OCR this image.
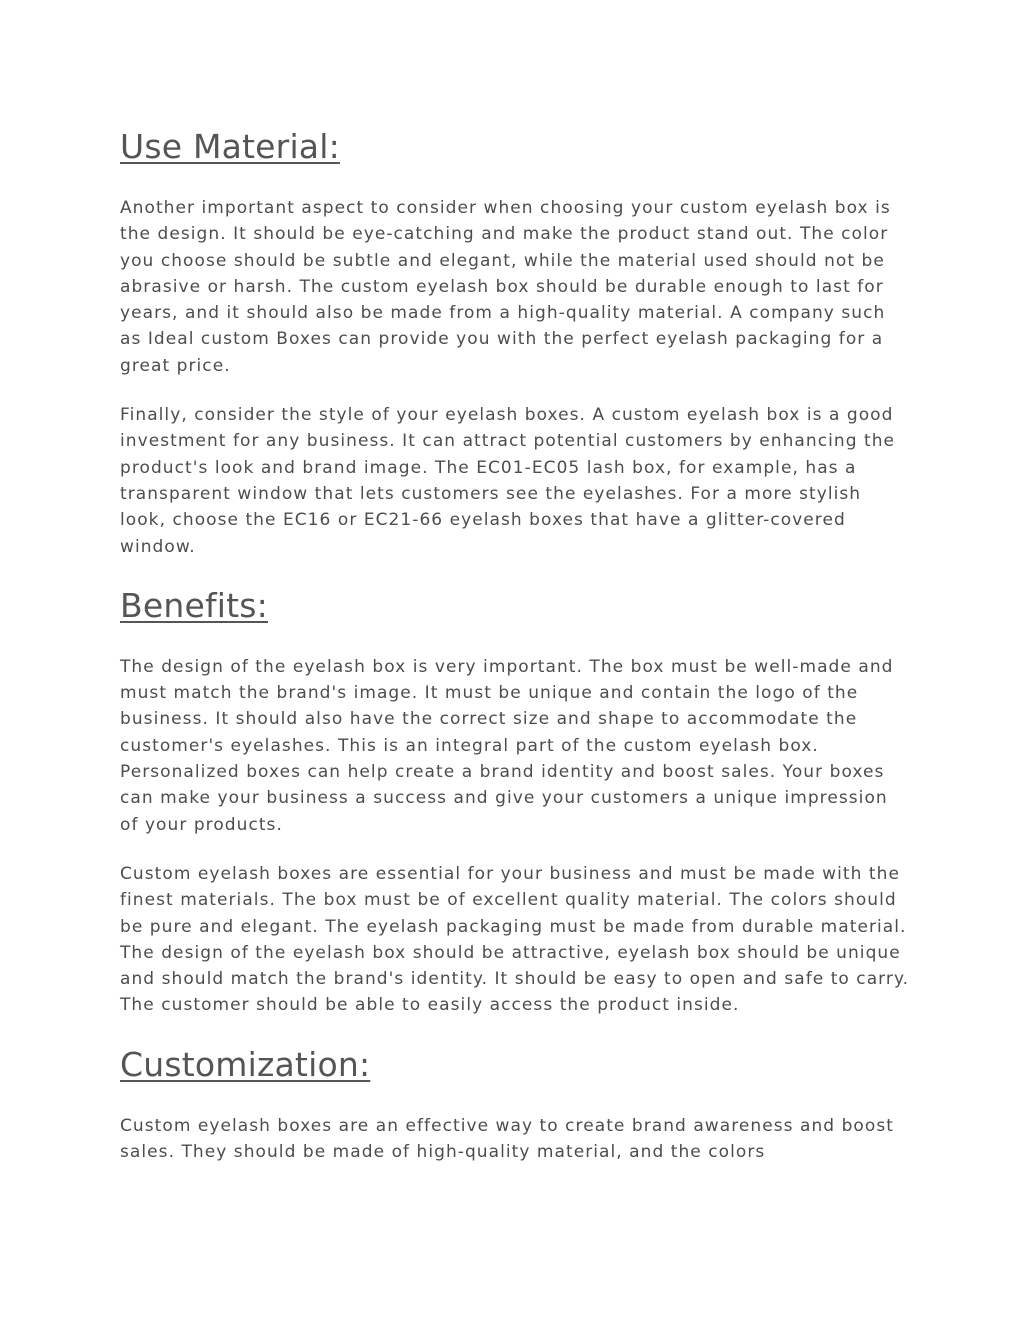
Use Material:

Another important aspect to consider when choosing your custom eyelash box is the design. It should be eye-catching and make the product stand out. The color you choose should be subtle and elegant, while the material used should not be abrasive or harsh. The custom eyelash box should be durable enough to last for years, and it should also be made from a high-quality material. A company such as Ideal custom Boxes can provide you with the perfect eyelash packaging for a great price.

Finally, consider the style of your eyelash boxes. A custom eyelash box is a good investment for any business. It can attract potential customers by enhancing the product's look and brand image. The EC01-EC05 lash box, for example, has a transparent window that lets customers see the eyelashes. For a more stylish look, choose the EC16 or EC21-66 eyelash boxes that have a glitter-covered window.

Benefits:

The design of the eyelash box is very important. The box must be well-made and must match the brand's image. It must be unique and contain the logo of the business. It should also have the correct size and shape to accommodate the customer's eyelashes. This is an integral part of the custom eyelash box. Personalized boxes can help create a brand identity and boost sales. Your boxes can make your business a success and give your customers a unique impression of your products.

Custom eyelash boxes are essential for your business and must be made with the finest materials. The box must be of excellent quality material. The colors should be pure and elegant. The eyelash packaging must be made from durable material. The design of the eyelash box should be attractive, eyelash box should be unique and should match the brand's identity. It should be easy to open and safe to carry. The customer should be able to easily access the product inside.

Customization:

Custom eyelash boxes are an effective way to create brand awareness and boost sales. They should be made of high-quality material, and the colors
